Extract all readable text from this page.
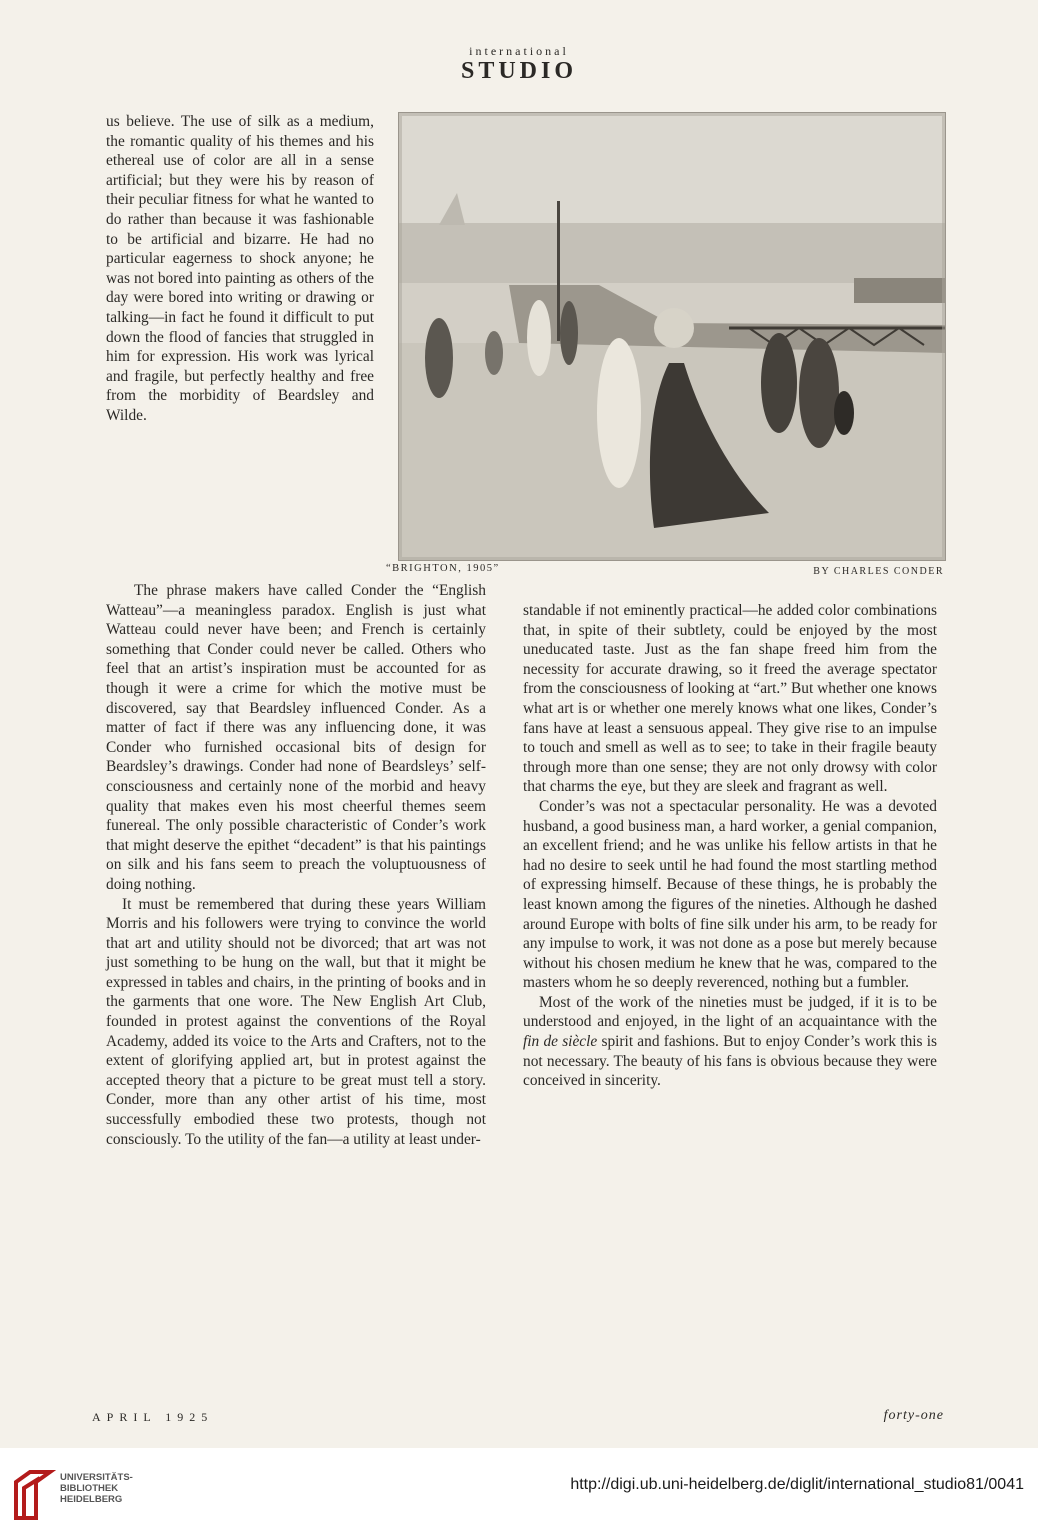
international
STUDIO

us believe. The use of silk as a medium, the romantic quality of his themes and his ethereal use of color are all in a sense artificial; but they were his by reason of their peculiar fitness for what he wanted to do rather than because it was fashionable to be artificial and bizarre. He had no particular eagerness to shock anyone; he was not bored into painting as others of the day were bored into writing or drawing or talking—in fact he found it difficult to put down the flood of fancies that struggled in him for expression. His work was lyrical and fragile, but perfectly healthy and free from the morbidity of Beardsley and Wilde.

“BRIGHTON, 1905”	BY CHARLES CONDER

The phrase makers have called Conder the “English Watteau”—a meaningless paradox. English is just what Watteau could never have been; and French is certainly something that Conder could never be called. Others who feel that an artist’s inspiration must be accounted for as though it were a crime for which the motive must be discovered, say that Beardsley influenced Conder. As a matter of fact if there was any influencing done, it was Conder who furnished occasional bits of design for Beardsley’s drawings. Conder had none of Beardsleys’ self-consciousness and certainly none of the morbid and heavy quality that makes even his most cheerful themes seem funereal. The only possible characteristic of Conder’s work that might deserve the epithet “decadent” is that his paintings on silk and his fans seem to preach the voluptuousness of doing nothing.

It must be remembered that during these years William Morris and his followers were trying to convince the world that art and utility should not be divorced; that art was not just something to be hung on the wall, but that it might be expressed in tables and chairs, in the printing of books and in the garments that one wore. The New English Art Club, founded in protest against the conventions of the Royal Academy, added its voice to the Arts and Crafters, not to the extent of glorifying applied art, but in protest against the accepted theory that a picture to be great must tell a story. Conder, more than any other artist of his time, most successfully embodied these two protests, though not consciously. To the utility of the fan—a utility at least under-

standable if not eminently practical—he added color combinations that, in spite of their subtlety, could be enjoyed by the most uneducated taste. Just as the fan shape freed him from the necessity for accurate drawing, so it freed the average spectator from the consciousness of looking at “art.” But whether one knows what art is or whether one merely knows what one likes, Conder’s fans have at least a sensuous appeal. They give rise to an impulse to touch and smell as well as to see; to take in their fragile beauty through more than one sense; they are not only drowsy with color that charms the eye, but they are sleek and fragrant as well.

Conder’s was not a spectacular personality. He was a devoted husband, a good business man, a hard worker, a genial companion, an excellent friend; and he was unlike his fellow artists in that he had no desire to seek until he had found the most startling method of expressing himself. Because of these things, he is probably the least known among the figures of the nineties. Although he dashed around Europe with bolts of fine silk under his arm, to be ready for any impulse to work, it was not done as a pose but merely because without his chosen medium he knew that he was, compared to the masters whom he so deeply reverenced, nothing but a fumbler.

Most of the work of the nineties must be judged, if it is to be understood and enjoyed, in the light of an acquaintance with the fin de siècle spirit and fashions. But to enjoy Conder’s work this is not necessary. The beauty of his fans is obvious because they were conceived in sincerity.

APRIL 1925	forty-one
UNIVERSITÄTS-
BIBLIOTHEK
HEIDELBERG
http://digi.ub.uni-heidelberg.de/diglit/international_studio81/0041
